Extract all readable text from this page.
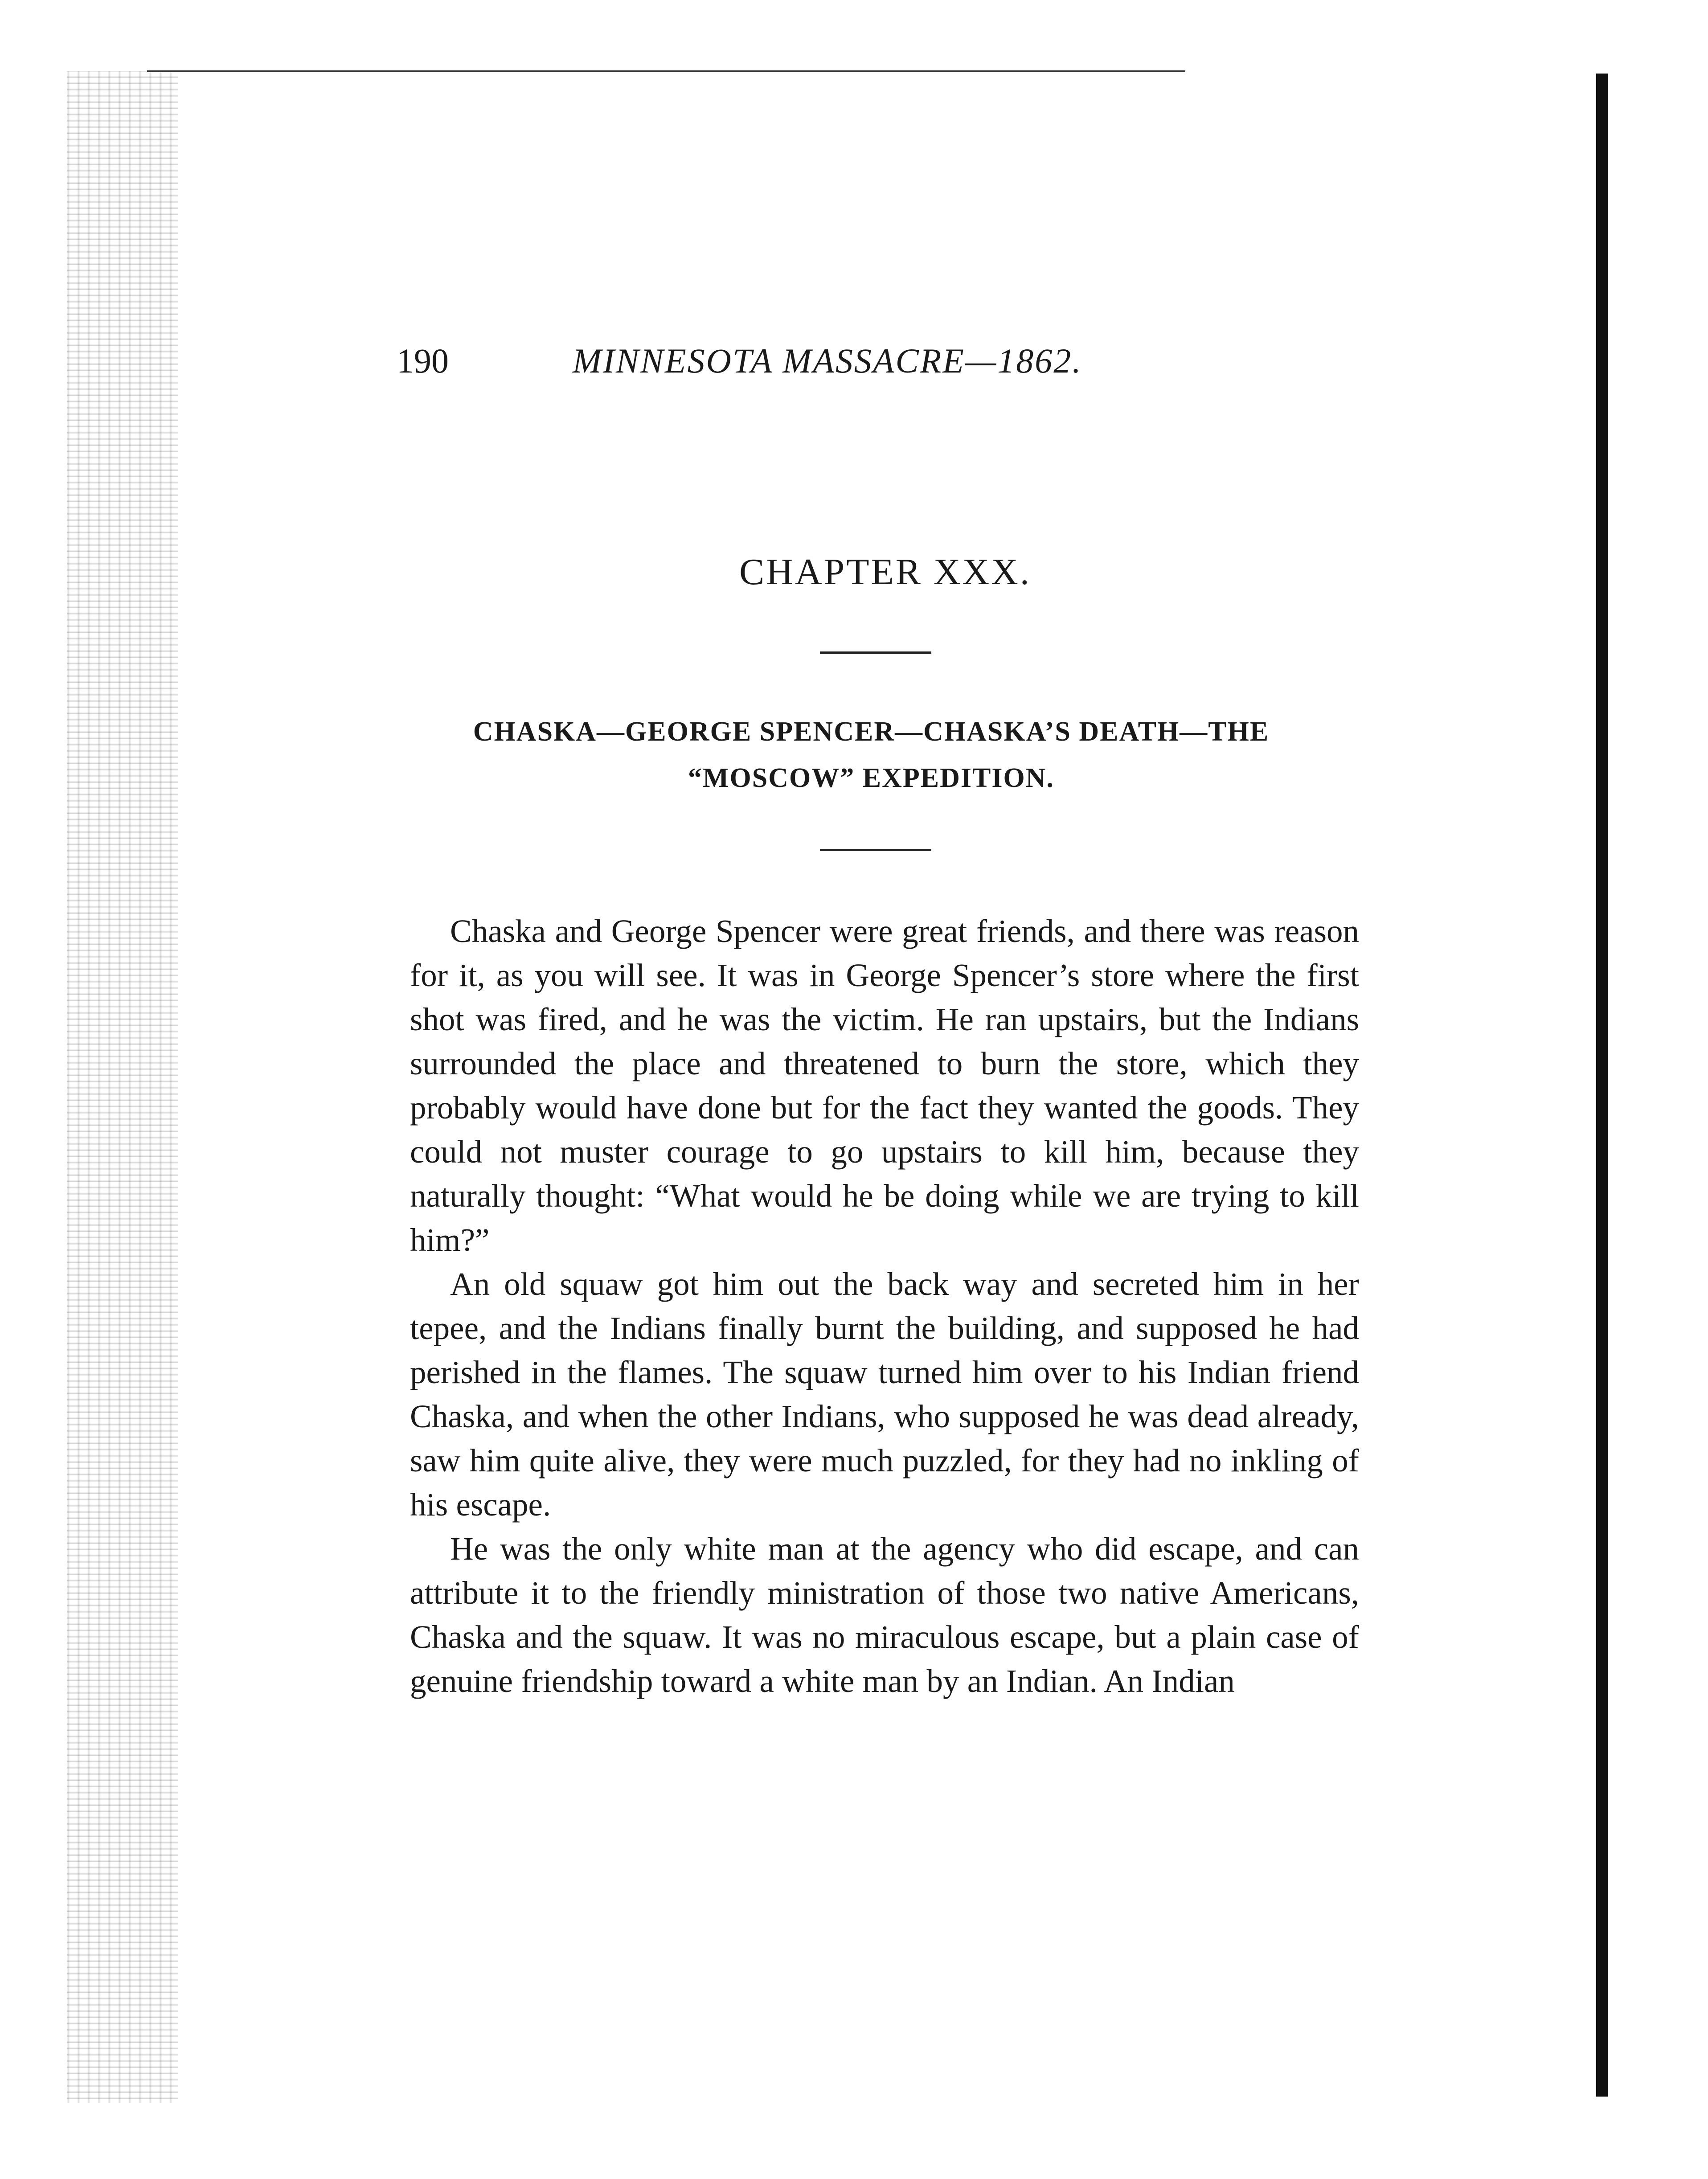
190	MINNESOTA MASSACRE—1862.
CHAPTER XXX.
CHASKA—GEORGE SPENCER—CHASKA’S DEATH—THE “MOSCOW” EXPEDITION.

Chaska and George Spencer were great friends, and there was reason for it, as you will see. It was in George Spencer’s store where the first shot was fired, and he was the victim. He ran upstairs, but the Indians surrounded the place and threatened to burn the store, which they probably would have done but for the fact they wanted the goods. They could not muster courage to go upstairs to kill him, because they naturally thought: “What would he be doing while we are trying to kill him?”

An old squaw got him out the back way and secreted him in her tepee, and the Indians finally burnt the building, and supposed he had perished in the flames. The squaw turned him over to his Indian friend Chaska, and when the other Indians, who supposed he was dead already, saw him quite alive, they were much puzzled, for they had no inkling of his escape.

He was the only white man at the agency who did escape, and can attribute it to the friendly ministration of those two native Americans, Chaska and the squaw. It was no miraculous escape, but a plain case of genuine friendship toward a white man by an Indian. An Indian
